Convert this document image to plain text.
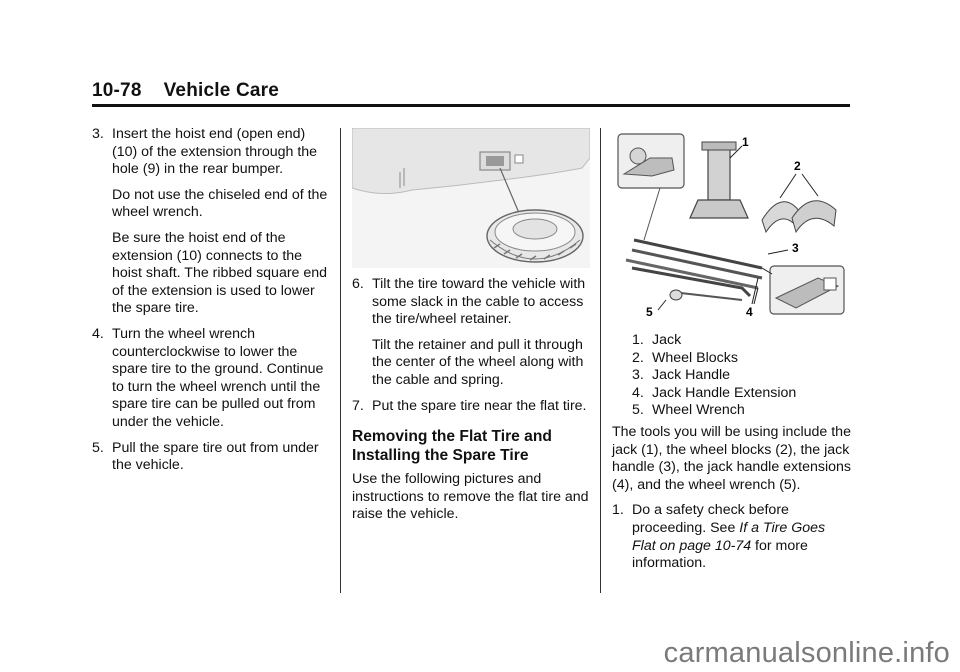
10-78 Vehicle Care
3. Insert the hoist end (open end) (10) of the extension through the hole (9) in the rear bumper.
Do not use the chiseled end of the wheel wrench.
Be sure the hoist end of the extension (10) connects to the hoist shaft. The ribbed square end of the extension is used to lower the spare tire.
4. Turn the wheel wrench counterclockwise to lower the spare tire to the ground. Continue to turn the wheel wrench until the spare tire can be pulled out from under the vehicle.
5. Pull the spare tire out from under the vehicle.
6. Tilt the tire toward the vehicle with some slack in the cable to access the tire/wheel retainer.
Tilt the retainer and pull it through the center of the wheel along with the cable and spring.
7. Put the spare tire near the flat tire.
Removing the Flat Tire and Installing the Spare Tire
Use the following pictures and instructions to remove the flat tire and raise the vehicle.
1
2
3
4
5
1. Jack
2. Wheel Blocks
3. Jack Handle
4. Jack Handle Extension
5. Wheel Wrench
The tools you will be using include the jack (1), the wheel blocks (2), the jack handle (3), the jack handle extensions (4), and the wheel wrench (5).
1. Do a safety check before proceeding. See If a Tire Goes Flat on page 10-74 for more information.
carmanualsonline.info
